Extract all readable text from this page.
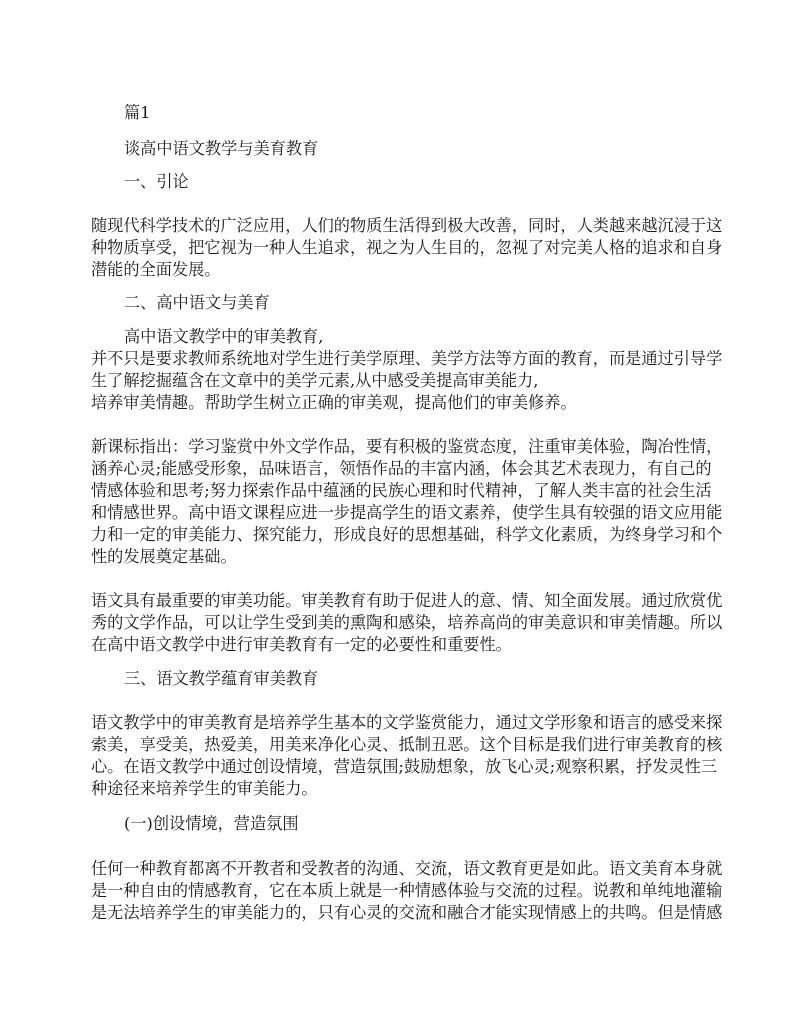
篇1
谈高中语文教学与美育教育
一、引论
随现代科学技术的广泛应用，人们的物质生活得到极大改善，同时，人类越来越沉浸于这
种物质享受，把它视为一种人生追求，视之为人生目的，忽视了对完美人格的追求和自身
潜能的全面发展。
二、高中语文与美育
高中语文教学中的审美教育,
并不只是要求教师系统地对学生进行美学原理、美学方法等方面的教育，而是通过引导学
生了解挖掘蕴含在文章中的美学元素,从中感受美提高审美能力,
培养审美情趣。帮助学生树立正确的审美观，提高他们的审美修养。
新课标指出：学习鉴赏中外文学作品，要有积极的鉴赏态度，注重审美体验，陶冶性情，
涵养心灵;能感受形象，品味语言，领悟作品的丰富内涵，体会其艺术表现力，有自己的
情感体验和思考;努力探索作品中蕴涵的民族心理和时代精神，了解人类丰富的社会生活
和情感世界。高中语文课程应进一步提高学生的语文素养，使学生具有较强的语文应用能
力和一定的审美能力、探究能力，形成良好的思想基础，科学文化素质，为终身学习和个
性的发展奠定基础。
语文具有最重要的审美功能。审美教育有助于促进人的意、情、知全面发展。通过欣赏优
秀的文学作品，可以让学生受到美的熏陶和感染，培养高尚的审美意识和审美情趣。所以
在高中语文教学中进行审美教育有一定的必要性和重要性。
三、语文教学蕴育审美教育
语文教学中的审美教育是培养学生基本的文学鉴赏能力，通过文学形象和语言的感受来探
索美，享受美，热爱美，用美来净化心灵、抵制丑恶。这个目标是我们进行审美教育的核
心。在语文教学中通过创设情境，营造氛围;鼓励想象，放飞心灵;观察积累，抒发灵性三
种途径来培养学生的审美能力。
(一)创设情境，营造氛围
任何一种教育都离不开教者和受教者的沟通、交流，语文教育更是如此。语文美育本身就
是一种自由的情感教育，它在本质上就是一种情感体验与交流的过程。说教和单纯地灌输
是无法培养学生的审美能力的，只有心灵的交流和融合才能实现情感上的共鸣。但是情感
